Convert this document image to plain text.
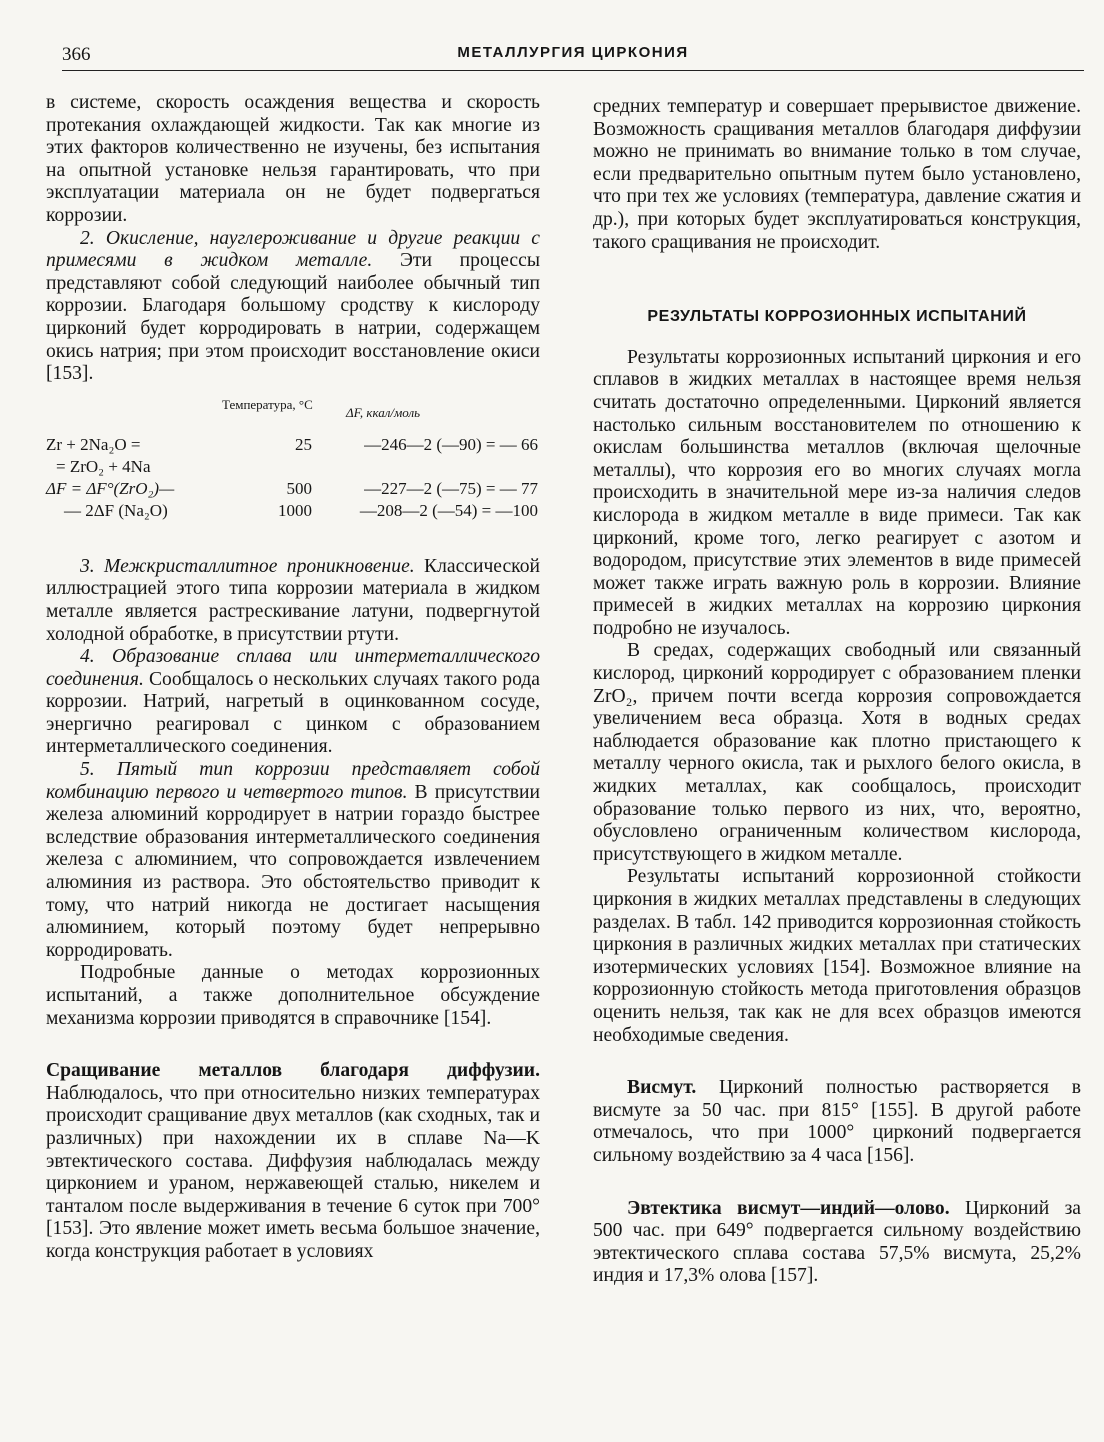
366	МЕТАЛЛУРГИЯ ЦИРКОНИЯ

в системе, скорость осаждения вещества и скорость протекания охлаждающей жидкости. Так как многие из этих факторов количественно не изучены, без испытания на опытной установке нельзя гарантировать, что при эксплуатации материала он не будет подвергаться коррозии.

2. Окисление, науглероживание и другие реакции с примесями в жидком металле. Эти процессы представляют собой следующий наиболее обычный тип коррозии. Благодаря большому сродству к кислороду цирконий будет корродировать в натрии, содержащем окись натрия; при этом происходит восстановление окиси [153].

Температура, °С
ΔF, ккал/моль
Zr + 2Na₂O =	25	—246—2 (—90) = — 66
= ZrO₂ + 4Na
ΔF = ΔF°(ZrO₂)—	500	—227—2 (—75) = — 77
— 2ΔF (Na₂O)	1000	—208—2 (—54) = —100

3. Межкристаллитное проникновение. Классической иллюстрацией этого типа коррозии материала в жидком металле является растрескивание латуни, подвергнутой холодной обработке, в присутствии ртути.

4. Образование сплава или интерметаллического соединения. Сообщалось о нескольких случаях такого рода коррозии. Натрий, нагретый в оцинкованном сосуде, энергично реагировал с цинком с образованием интерметаллического соединения.

5. Пятый тип коррозии представляет собой комбинацию первого и четвертого типов. В присутствии железа алюминий корродирует в натрии гораздо быстрее вследствие образования интерметаллического соединения железа с алюминием, что сопровождается извлечением алюминия из раствора. Это обстоятельство приводит к тому, что натрий никогда не достигает насыщения алюминием, который поэтому будет непрерывно корродировать.

Подробные данные о методах коррозионных испытаний, а также дополнительное обсуждение механизма коррозии приводятся в справочнике [154].

Сращивание металлов благодаря диффузии. Наблюдалось, что при относительно низких температурах происходит сращивание двух металлов (как сходных, так и различных) при нахождении их в сплаве Na—K эвтектического состава. Диффузия наблюдалась между цирконием и ураном, нержавеющей сталью, никелем и танталом после выдерживания в течение 6 суток при 700° [153]. Это явление может иметь весьма большое значение, когда конструкция работает в условиях

средних температур и совершает прерывистое движение. Возможность сращивания металлов благодаря диффузии можно не принимать во внимание только в том случае, если предварительно опытным путем было установлено, что при тех же условиях (температура, давление сжатия и др.), при которых будет эксплуатироваться конструкция, такого сращивания не происходит.

РЕЗУЛЬТАТЫ КОРРОЗИОННЫХ ИСПЫТАНИЙ

Результаты коррозионных испытаний циркония и его сплавов в жидких металлах в настоящее время нельзя считать достаточно определенными. Цирконий является настолько сильным восстановителем по отношению к окислам большинства металлов (включая щелочные металлы), что коррозия его во многих случаях могла происходить в значительной мере из-за наличия следов кислорода в жидком металле в виде примеси. Так как цирконий, кроме того, легко реагирует с азотом и водородом, присутствие этих элементов в виде примесей может также играть важную роль в коррозии. Влияние примесей в жидких металлах на коррозию циркония подробно не изучалось.

В средах, содержащих свободный или связанный кислород, цирконий корродирует с образованием пленки ZrO₂, причем почти всегда коррозия сопровождается увеличением веса образца. Хотя в водных средах наблюдается образование как плотно пристающего к металлу черного окисла, так и рыхлого белого окисла, в жидких металлах, как сообщалось, происходит образование только первого из них, что, вероятно, обусловлено ограниченным количеством кислорода, присутствующего в жидком металле.

Результаты испытаний коррозионной стойкости циркония в жидких металлах представлены в следующих разделах. В табл. 142 приводится коррозионная стойкость циркония в различных жидких металлах при статических изотермических условиях [154]. Возможное влияние на коррозионную стойкость метода приготовления образцов оценить нельзя, так как не для всех образцов имеются необходимые сведения.

Висмут. Цирконий полностью растворяется в висмуте за 50 час. при 815° [155]. В другой работе отмечалось, что при 1000° цирконий подвергается сильному воздействию за 4 часа [156].

Эвтектика висмут—индий—олово. Цирконий за 500 час. при 649° подвергается сильному воздействию эвтектического сплава состава 57,5% висмута, 25,2% индия и 17,3% олова [157].
